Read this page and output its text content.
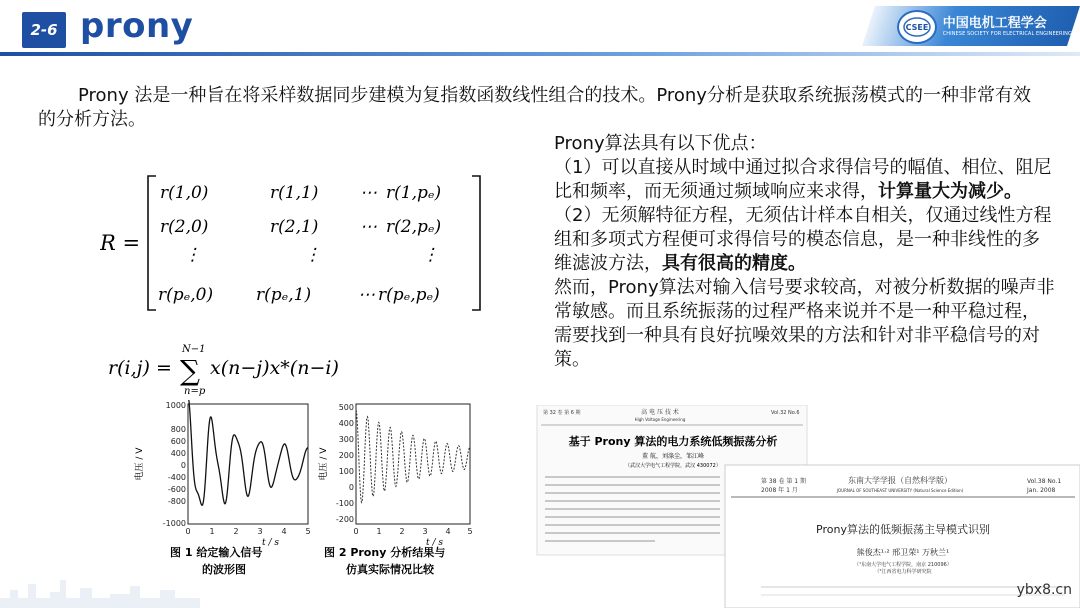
2-6 prony	CSEE 中国电机工程学会
CHINESE SOCIETY FOR ELECTRICAL ENGINEERING
Prony 法是一种旨在将采样数据同步建模为复指数函数线性组合的技术。Prony分析是获取系统振荡模式的一种非常有效的分析方法。
R =
r(1,0)	r(1,1) ⋯ r(1,pₑ)
r(2,0)	r(2,1) ⋯ r(2,pₑ)
⋮	⋮	⋮
r(pₑ,0)	r(pₑ,1)	⋯ r(pₑ,pₑ)
r(i,j) =
N−1
∑
n=p
x(n−j)x*(n−i)
1000
800
600
400
0
-400
-600
-800
-1000
0 1 2 3 4 5
电压 / V
t / s
图 1 给定输入信号
的波形图
500
400
300
200
100
0
-100
-200
0 1 2 3 4 5
电压 / V
t / s
图 2 Prony 分析结果与
仿真实际情况比较

Prony算法具有以下优点：

（1）可以直接从时域中通过拟合求得信号的幅值、相位、阻尼比和频率，而无须通过频域响应来求得，计算量大为减少。

（2）无须解特征方程，无须估计样本自相关，仅通过线性方程组和多项式方程便可求得信号的模态信息，是一种非线性的多维滤波方法，具有很高的精度。

然而，Prony算法对输入信号要求较高，对被分析数据的噪声非常敏感。而且系统振荡的过程严格来说并不是一种平稳过程，需要找到一种具有良好抗噪效果的方法和针对非平稳信号的对策。

第 32 卷 第 6 期	高 电 压 技 术
High Voltage Engineering
Vol.32 No.6
基于 Prony 算法的电力系统低频振荡分析
董 航，刘涤尘，邹江峰
（武汉大学电气工程学院，武汉 430072）
第 38 卷 第 1 期
2008 年 1 月
东南大学学报（自然科学版）
JOURNAL OF SOUTHEAST UNIVERSITY (Natural Science Edition)
Vol.38 No.1
Jan. 2008
Prony算法的低频振荡主导模式识别
熊俊杰¹·² 邢卫荣¹ 万秋兰¹
（¹东南大学电气工程学院，南京 210096）
（²江西省电力科学研究院
ybx8.cn
